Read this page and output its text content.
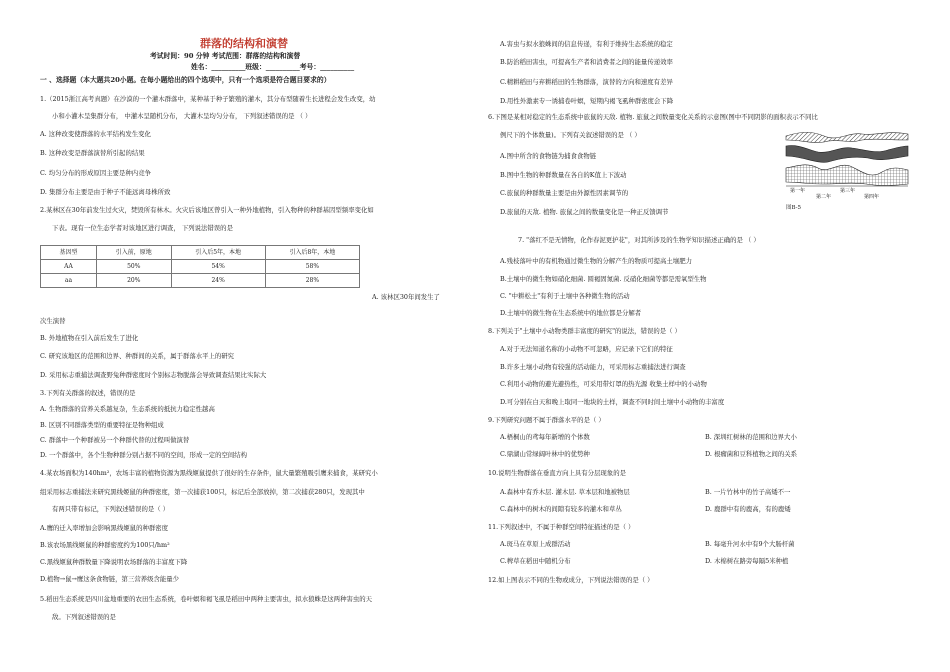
群落的结构和演替
考试时间：90 分钟 考试范围：群落的结构和演替
姓名：__________班级：__________考号：__________
一 、选择题（本大题共20小题。在每小题给出的四个选项中，只有一个选项是符合题目要求的）
1.（2015浙江高考真题）在沙漠的一个灌木群落中，某种基于种子繁殖的灌木，其分布型随着生长进程会发生改变，幼
小和小灌木呈集群分布， 中灌木呈随机分布， 大灌木呈均匀分布， 下列叙述错误的是 （ ）
A. 这种改变使群落的水平结构发生变化
B. 这种改变是群落演替所引起的结果
C. 均匀分布的形成原因主要是种内竞争
D. 集群分布主要是由于种子不能远离母株所致
2.某林区在30年前发生过火灾，焚毁所有林木。火灾后该地区曾引入一种外地植物，引入物种的种群基因型频率变化如
下表。现有一位生态学者对该地区进行调查， 下列说法错误的是
次生演替
B. 外地植物在引入前后发生了进化
C. 研究该地区的范围和边界、种群间的关系，属于群落水平上的研究
D. 采用标志重捕法调查野兔种群密度时个别标志物脱落会导致调查结果比实际大
3.下列有关群落的叙述，错误的是
A. 生物群落的营养关系越复杂，生态系统的抵抗力稳定性越高
B. 区别不同群落类型的重要特征是物种组成
C. 群落中一个种群被另一个种群代替的过程叫做演替
D. 一个群落中，各个生物种群分别占据不同的空间，形成一定的空间结构
4.某农场面积为140hm²，农场丰富的植物资源为黑线姬鼠提供了很好的生存条件，鼠大量繁殖吸引鹰来捕食，某研究小
组采用标志重捕法来研究黑线姬鼠的种群密度，第一次捕获100只，标记后全部放掉，第二次捕获280只，发现其中
有两只带有标记，下列叙述错误的是（ ）
A.鹰的迁入率增加会影响黑线姬鼠的种群密度
B.该农场黑线姬鼠的种群密度约为100只/hm²
C.黑线姬鼠种群数量下降说明农场群落的丰富度下降
D.植物→鼠→鹰这条食物链，第三营养级含能量少
5.稻田生态系统是四川盆地重要的农田生态系统，卷叶螟和褐飞虱是稻田中两种主要害虫，拟水狼蛛是这两种害虫的天
敌。下列叙述错误的是
基因型	引入前，原地	引入后5年，本地	引入后8年，本地
AA	50%	54%	58%
aa	20%	24%	28%
A. 该林区30年间发生了
A.害虫与拟水狼蛛间的信息传递，有利于维持生态系统的稳定
B.防治稻田害虫，可提高生产者和消费者之间的能量传递效率
C.精耕稻田与弃耕稻田的生物群落，演替的方向和速度有差异
D.用性外激素专一诱捕卷叶螟，短期内褐飞虱种群密度会下降
6.下图是某相对稳定的生态系统中旅鼠的天敌. 植物. 旅鼠之间数量变化关系的示意图(图中不同阴影的面积表示不同比
例尺下的个体数量)。下列有关叙述错误的是 （ ）
A.图中所含的食物链为捕食食物链
B.图中生物的种群数量在各自的K值上下波动
C.旅鼠的种群数量主要是由外源性因素调节的
D.旅鼠的天敌. 植物. 旅鼠之间的数量变化是一种正反馈调节
7. "落红不是无情物，化作春泥更护花"，对其所涉及的生物学知识描述正确的是 （ ）
A.残枝落叶中的有机物通过微生物的分解产生的物质可提高土壤肥力
B.土壤中的微生物如硝化细菌. 圆褐固氮菌. 反硝化细菌等都是需氧型生物
C. "中耕松土"有利于土壤中各种微生物的活动
D.土壤中的微生物在生态系统中的地位都是分解者
8.下列关于"土壤中小动物类群丰富度的研究"的说法，错误的是（ ）
A.对于无法知道名称的小动物不可忽略，应记录下它们的特征
B.许多土壤小动物有较强的活动能力，可采用标志重捕法进行调查
C.利用小动物的避光避热性，可采用带灯罩的热光源 收集土样中的小动物
D.可分别在白天和晚上取同一地块的土样，调查不同时间土壤中小动物的丰富度
9.下列研究问题不属于群落水平的是（ ）
A.梧桐山的鸢每年新增的个体数
C.鼎湖山常绿阔叶林中的优势种
10.说明生物群落在垂直方向上具有分层现象的是
A.森林中有乔木层. 灌木层. 草本层和地被物层
C.森林中的树木的间隙有较多的灌木和草丛
11.下列叙述中，不属于种群空间特征描述的是（ ）
A.斑马在草原上成群活动
C.稗草在稻田中随机分布
12.如上图表示不同的生物或成分，下列说法错误的是（ ）
B. 深圳红树林的范围和边界大小
D. 根瘤菌和豆科植物之间的关系
B. 一片竹林中的竹子高矮不一
D. 鹿群中有的鹿高，有的鹿矮
B. 每毫升河水中有9个大肠杆菌
D. 木棉树在路旁每隔5米种植
第一年	第三年
第二年	第四年
图B-5
